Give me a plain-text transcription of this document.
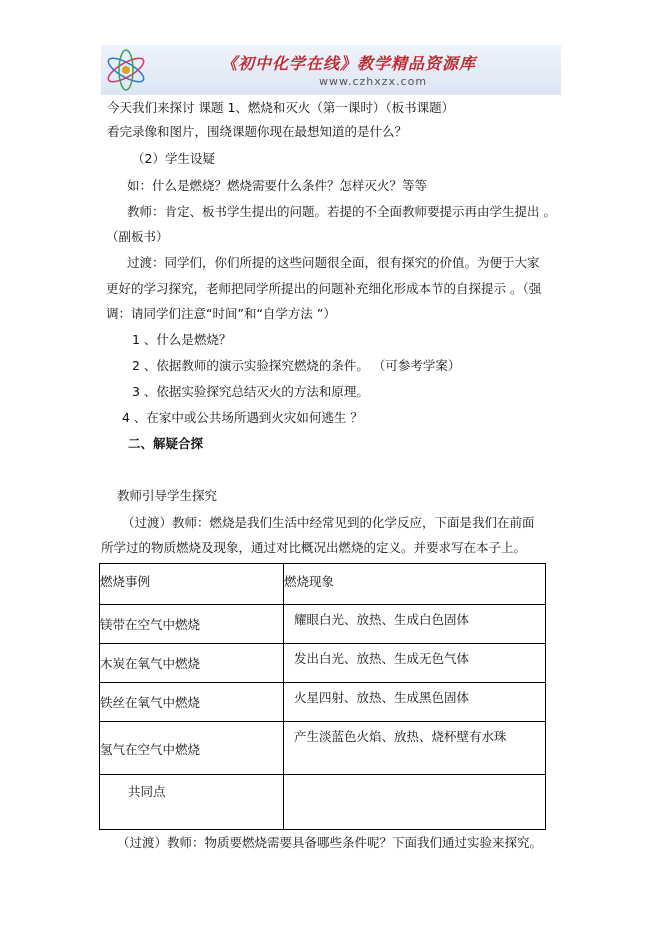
《初中化学在线》教学精品资源库
www.czhxzx.com
今天我们来探讨 课题 1、燃烧和灭火（第一课时）（板书课题）
看完录像和图片，围绕课题你现在最想知道的是什么？
（2）学生设疑
如：什么是燃烧？燃烧需要什么条件？怎样灭火？等等
教师：肯定、板书学生提出的问题。若提的不全面教师要提示再由学生提出 。
（副板书）
过渡：同学们，你们所提的这些问题很全面，很有探究的价值。为便于大家
更好的学习探究，老师把同学所提出的问题补充细化形成本节的自探提示 。（强
调：请同学们注意“时间”和“自学方法 ”）
1 、什么是燃烧？
2 、依据教师的演示实验探究燃烧的条件。 （可参考学案）
3 、依据实验探究总结灭火的方法和原理。
4 、在家中或公共场所遇到火灾如何逃生 ？
二、解疑合探
教师引导学生探究
（过渡）教师：燃烧是我们生活中经常见到的化学反应，下面是我们在前面
所学过的物质燃烧及现象，通过对比概况出燃烧的定义。并要求写在本子上。
燃烧事例	燃烧现象

镁带在空气中燃烧	耀眼白光、放热、生成白色固体

木炭在氧气中燃烧	发出白光、放热、生成无色气体

铁丝在氧气中燃烧	火星四射、放热、生成黑色固体

氢气在空气中燃烧	产生淡蓝色火焰、放热、烧杯壁有水珠

共同点	

（过渡）教师：物质要燃烧需要具备哪些条件呢？下面我们通过实验来探究。
